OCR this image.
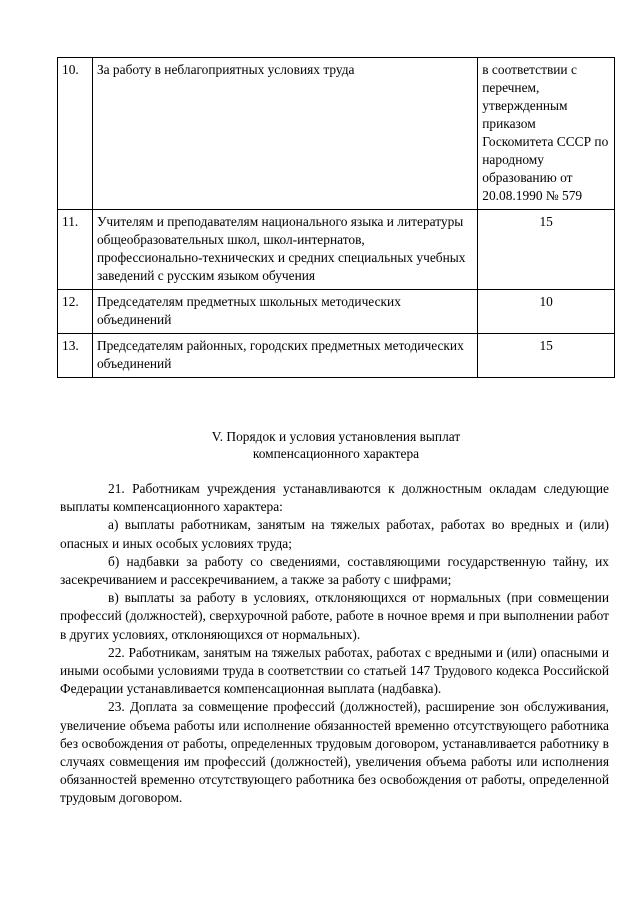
10.	За работу в неблагоприятных условиях труда	в соответствии с перечнем, утвержденным приказом Госкомитета СССР по народному образованию от 20.08.1990 № 579
11.	Учителям и преподавателям национального языка и литературы общеобразовательных школ, школ-интернатов, профессионально-технических и средних специальных учебных заведений с русским языком обучения	15
12.	Председателям предметных школьных методических объединений	10
13.	Председателям районных, городских предметных методических объединений	15
V. Порядок и условия установления выплат
компенсационного характера

21. Работникам учреждения устанавливаются к должностным окладам следующие выплаты компенсационного характера:

а) выплаты работникам, занятым на тяжелых работах, работах во вредных и (или) опасных и иных особых условиях труда;

б) надбавки за работу со сведениями, составляющими государственную тайну, их засекречиванием и рассекречиванием, а также за работу с шифрами;

в) выплаты за работу в условиях, отклоняющихся от нормальных (при совмещении профессий (должностей), сверхурочной работе, работе в ночное время и при выполнении работ в других условиях, отклоняющихся от нормальных).

22. Работникам, занятым на тяжелых работах, работах с вредными и (или) опасными и иными особыми условиями труда в соответствии со статьей 147 Трудового кодекса Российской Федерации устанавливается компенсационная выплата (надбавка).

23. Доплата за совмещение профессий (должностей), расширение зон обслуживания, увеличение объема работы или исполнение обязанностей временно отсутствующего работника без освобождения от работы, определенных трудовым договором, устанавливается работнику в случаях совмещения им профессий (должностей), увеличения объема работы или исполнения обязанностей временно отсутствующего работника без освобождения от работы, определенной трудовым договором.
